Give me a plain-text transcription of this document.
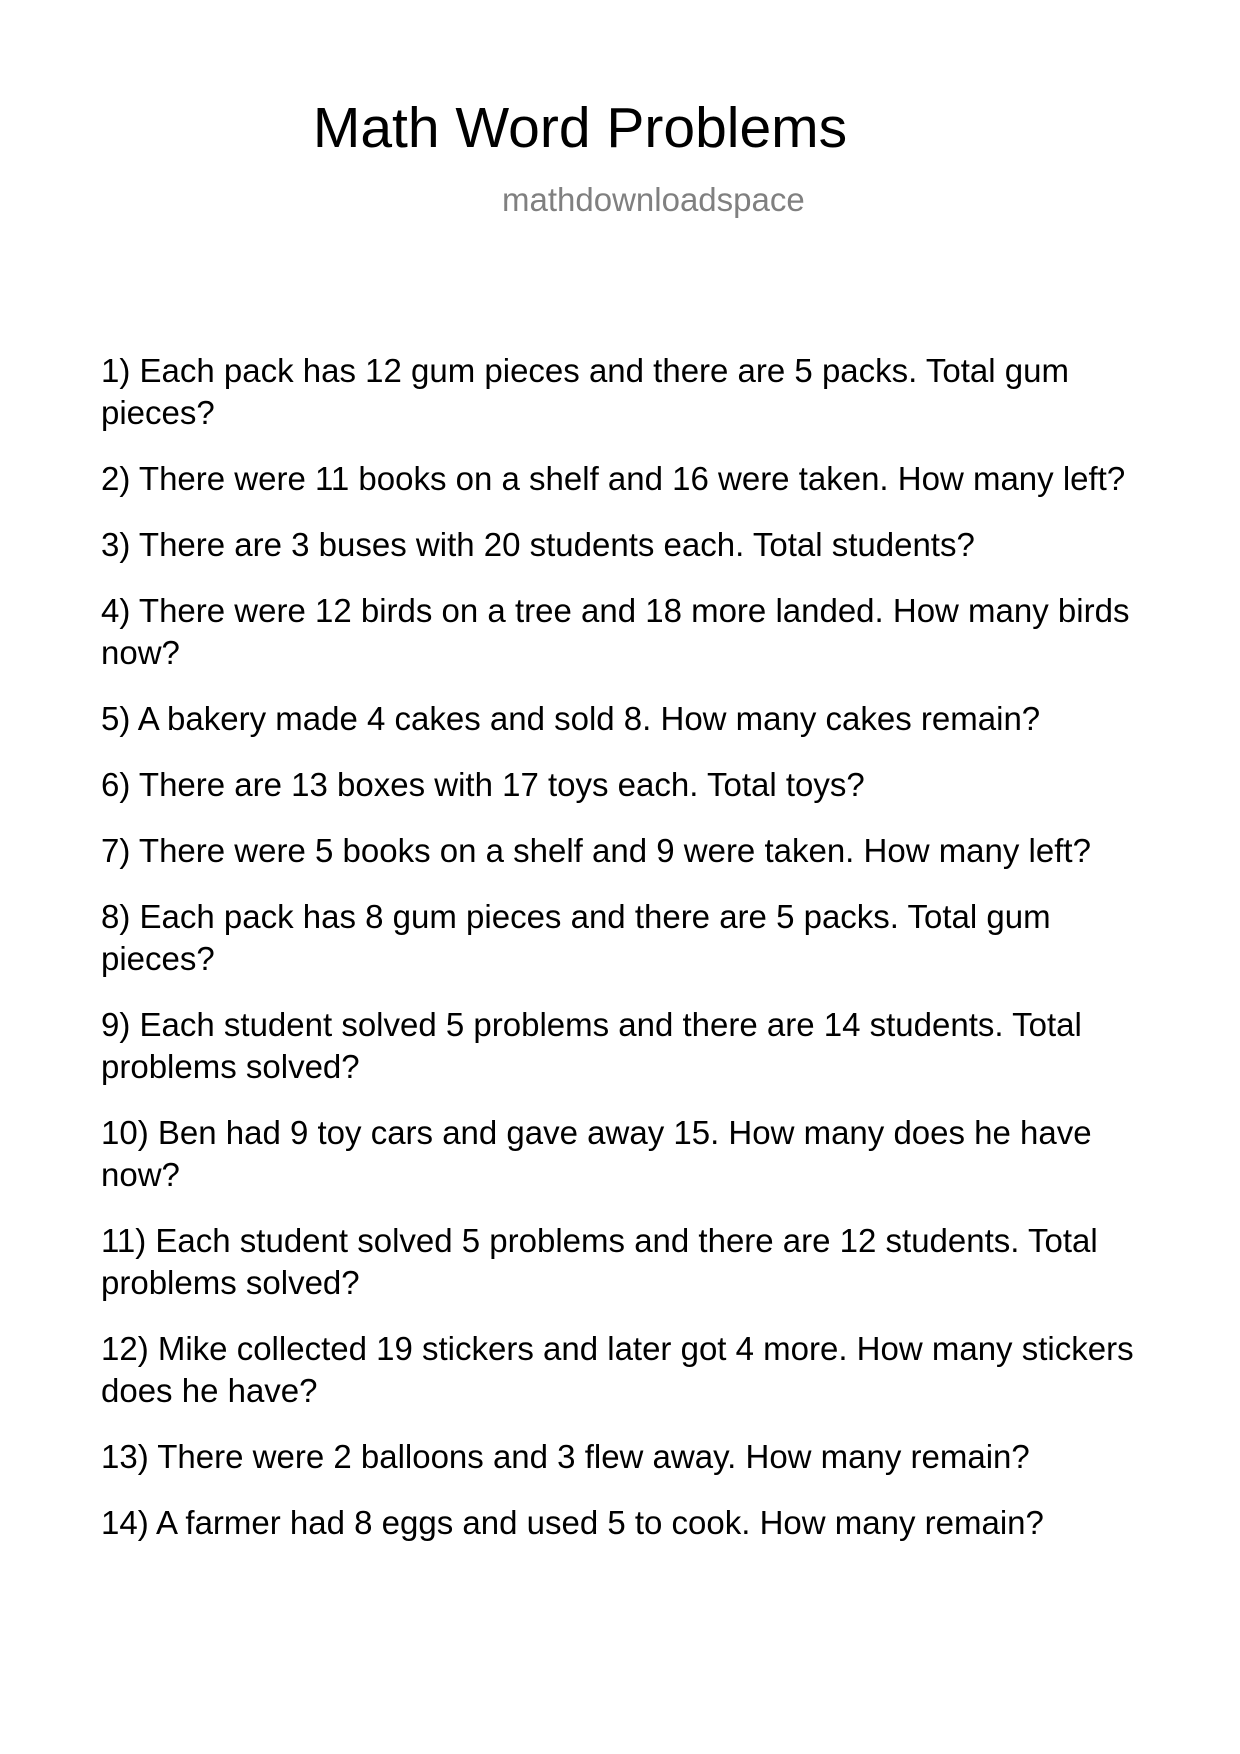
Math Word Problems
mathdownloadspace
1) Each pack has 12 gum pieces and there are 5 packs. Total gum pieces?
2) There were 11 books on a shelf and 16 were taken. How many left?
3) There are 3 buses with 20 students each. Total students?
4) There were 12 birds on a tree and 18 more landed. How many birds now?
5) A bakery made 4 cakes and sold 8. How many cakes remain?
6) There are 13 boxes with 17 toys each. Total toys?
7) There were 5 books on a shelf and 9 were taken. How many left?
8) Each pack has 8 gum pieces and there are 5 packs. Total gum pieces?
9) Each student solved 5 problems and there are 14 students. Total problems solved?
10) Ben had 9 toy cars and gave away 15. How many does he have now?
11) Each student solved 5 problems and there are 12 students. Total problems solved?
12) Mike collected 19 stickers and later got 4 more. How many stickers does he have?
13) There were 2 balloons and 3 flew away. How many remain?
14) A farmer had 8 eggs and used 5 to cook. How many remain?
